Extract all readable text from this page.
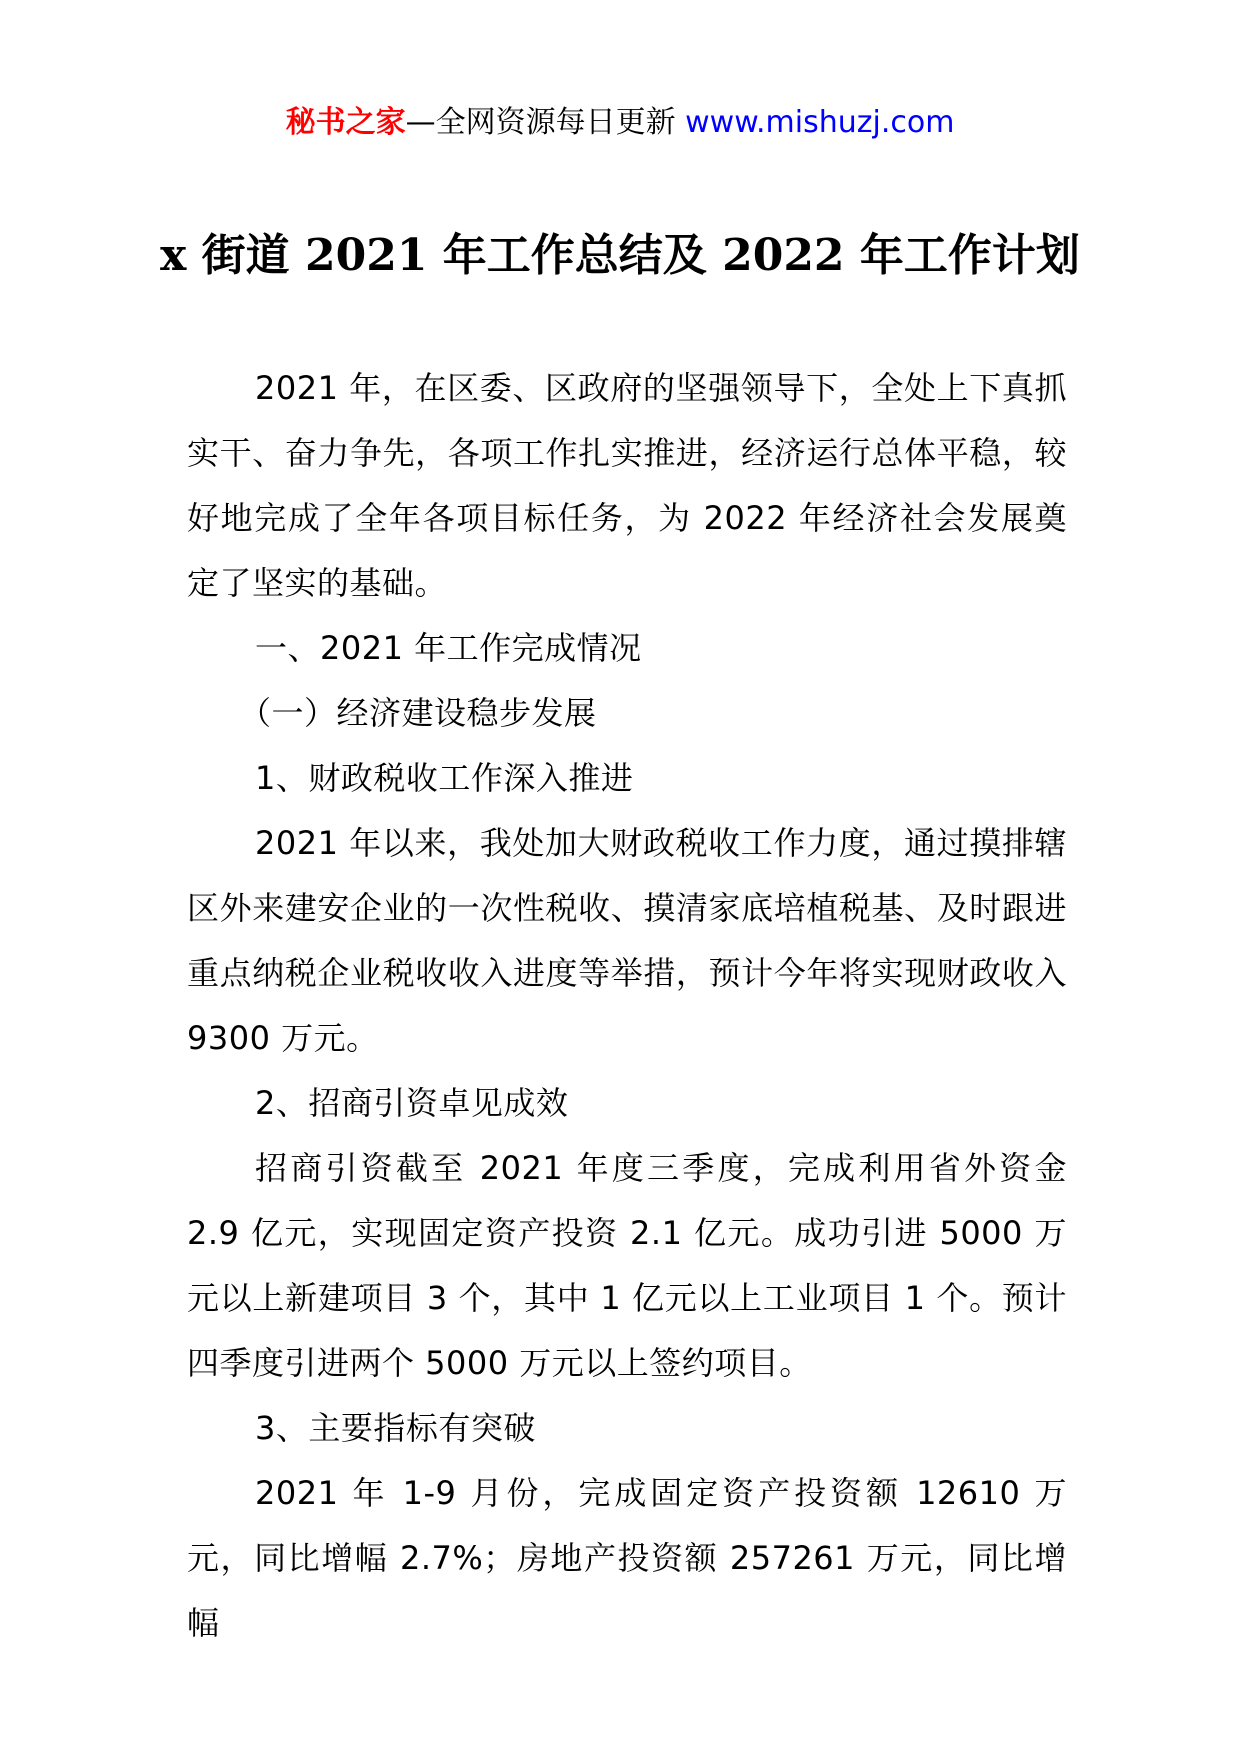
秘书之家—全网资源每日更新 www.mishuzj.com
x 街道 2021 年工作总结及 2022 年工作计划

2021 年，在区委、区政府的坚强领导下，全处上下真抓实干、奋力争先，各项工作扎实推进，经济运行总体平稳，较好地完成了全年各项目标任务，为 2022 年经济社会发展奠定了坚实的基础。

一、2021 年工作完成情况

（一）经济建设稳步发展

1、财政税收工作深入推进

2021 年以来，我处加大财政税收工作力度，通过摸排辖区外来建安企业的一次性税收、摸清家底培植税基、及时跟进重点纳税企业税收收入进度等举措，预计今年将实现财政收入 9300 万元。

2、招商引资卓见成效

招商引资截至 2021 年度三季度，完成利用省外资金 2.9 亿元，实现固定资产投资 2.1 亿元。成功引进 5000 万元以上新建项目 3 个，其中 1 亿元以上工业项目 1 个。预计四季度引进两个 5000 万元以上签约项目。

3、主要指标有突破

2021 年 1-9 月份，完成固定资产投资额 12610 万元，同比增幅 2.7%；房地产投资额 257261 万元，同比增幅
